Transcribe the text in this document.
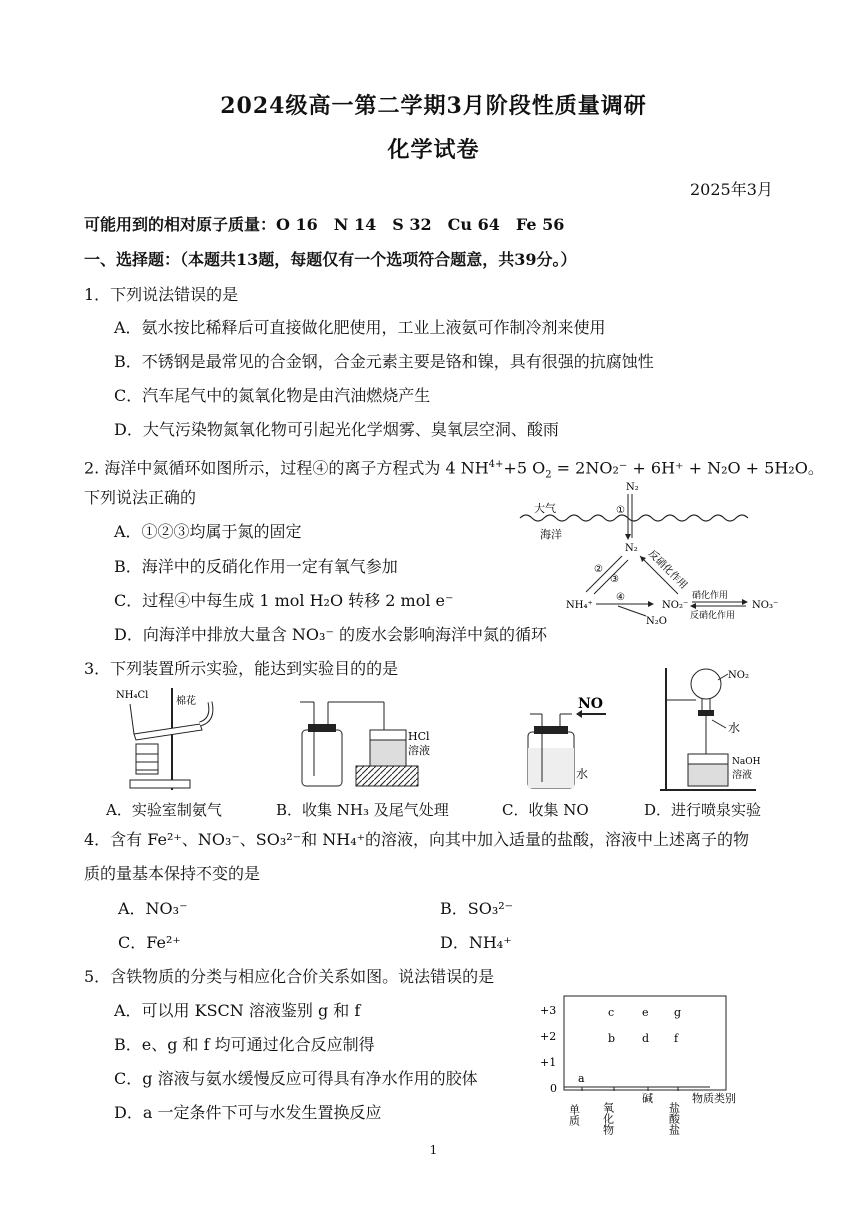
2024级高一第二学期3月阶段性质量调研
化学试卷
2025年3月
可能用到的相对原子质量：O 16　N 14　S 32　Cu 64　Fe 56
一、选择题：（本题共13题，每题仅有一个选项符合题意，共39分。）
1．下列说法错误的是
A．氨水按比稀释后可直接做化肥使用，工业上液氨可作制冷剂来使用
B．不锈钢是最常见的合金钢，合金元素主要是铬和镍，具有很强的抗腐蚀性
C．汽车尾气中的氮氧化物是由汽油燃烧产生
D．大气污染物氮氧化物可引起光化学烟雾、臭氧层空洞、酸雨
2. 海洋中氮循环如图所示，过程④的离子方程式为 4 $NH^{4+}+5$ $O_2 = 2NO_2^- + 6H^+ + N_2O + 5H_2O$。
下列说法正确的
A．①②③均属于氮的固定
B．海洋中的反硝化作用一定有氧气参加
C．过程④中每生成 1 mol H₂O 转移 2 mol e⁻
D．向海洋中排放大量含 NO₃⁻ 的废水会影响海洋中氮的循环
大气
海洋
N₂
①
N₂
②
③	反硝化作用
NH₄⁺
④
N₂O
NO₂⁻
硝化作用
反硝化作用
NO₃⁻
3．下列装置所示实验，能达到实验目的的是
NH₄Cl
棉花
HCl
溶液
NO
水
NO₂
水
NaOH
溶液
A．实验室制氨气	B．收集 NH₃ 及尾气处理	C．收集 NO	D．进行喷泉实验
4．含有 Fe²⁺、NO₃⁻、SO₃²⁻和 NH₄⁺的溶液，向其中加入适量的盐酸，溶液中上述离子的物
质的量基本保持不变的是
A．NO₃⁻	B．SO₃²⁻
C．Fe²⁺	D．NH₄⁺
5．含铁物质的分类与相应化合价关系如图。说法错误的是
A．可以用 KSCN 溶液鉴别 g 和 f
B．e、g 和 f 均可通过化合反应制得
C．g 溶液与氨水缓慢反应可得具有净水作用的胶体
D．a 一定条件下可与水发生置换反应
+3
+2
+1
0
a
b
c
d
e
f
g
单质 氧化物
碱
盐酸盐
物质类别
1
